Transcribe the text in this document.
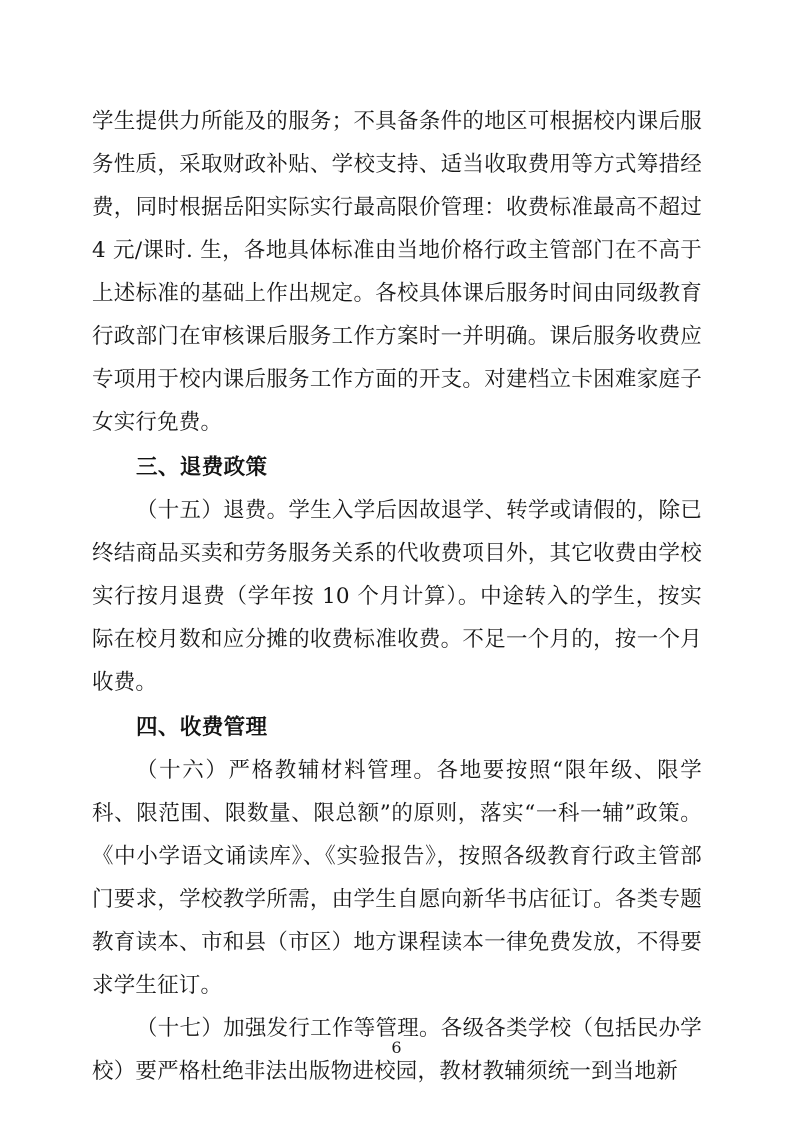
学生提供力所能及的服务；不具备条件的地区可根据校内课后服务性质，采取财政补贴、学校支持、适当收取费用等方式筹措经费，同时根据岳阳实际实行最高限价管理：收费标准最高不超过 4 元/课时. 生，各地具体标准由当地价格行政主管部门在不高于上述标准的基础上作出规定。各校具体课后服务时间由同级教育行政部门在审核课后服务工作方案时一并明确。课后服务收费应专项用于校内课后服务工作方面的开支。对建档立卡困难家庭子女实行免费。

三、退费政策

（十五）退费。学生入学后因故退学、转学或请假的，除已终结商品买卖和劳务服务关系的代收费项目外，其它收费由学校实行按月退费（学年按 10 个月计算）。中途转入的学生，按实际在校月数和应分摊的收费标准收费。不足一个月的，按一个月收费。

四、收费管理

（十六）严格教辅材料管理。各地要按照“限年级、限学科、限范围、限数量、限总额”的原则，落实“一科一辅”政策。《中小学语文诵读库》、《实验报告》，按照各级教育行政主管部门要求，学校教学所需，由学生自愿向新华书店征订。各类专题教育读本、市和县（市区）地方课程读本一律免费发放，不得要求学生征订。

（十七）加强发行工作等管理。各级各类学校（包括民办学校）要严格杜绝非法出版物进校园，教材教辅须统一到当地新

6
